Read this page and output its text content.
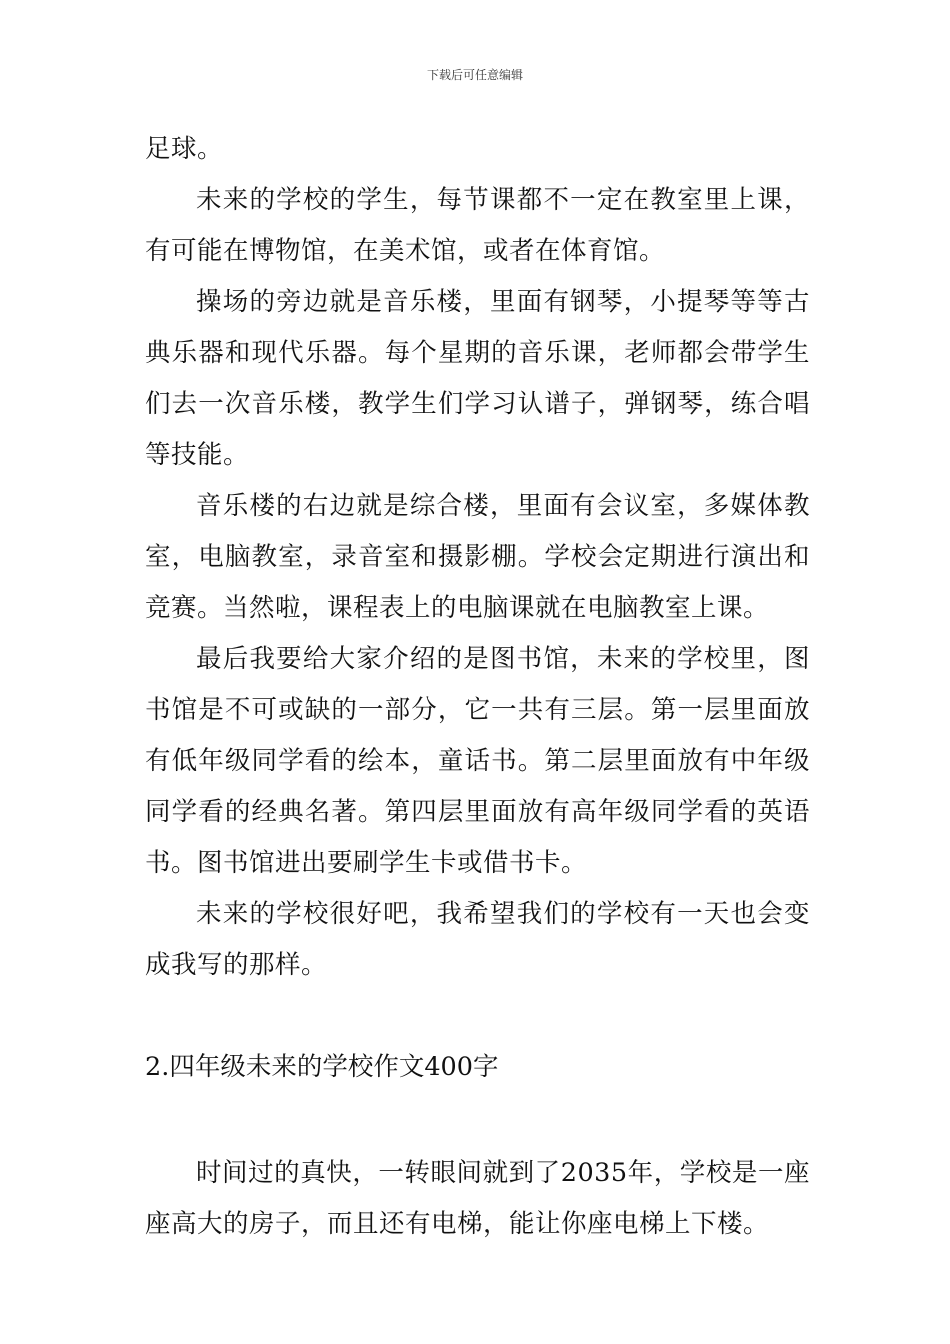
下载后可任意编辑

足球。

未来的学校的学生，每节课都不一定在教室里上课，有可能在博物馆，在美术馆，或者在体育馆。

操场的旁边就是音乐楼，里面有钢琴，小提琴等等古典乐器和现代乐器。每个星期的音乐课，老师都会带学生们去一次音乐楼，教学生们学习认谱子，弹钢琴，练合唱等技能。

音乐楼的右边就是综合楼，里面有会议室，多媒体教室，电脑教室，录音室和摄影棚。学校会定期进行演出和竞赛。当然啦，课程表上的电脑课就在电脑教室上课。

最后我要给大家介绍的是图书馆，未来的学校里，图书馆是不可或缺的一部分，它一共有三层。第一层里面放有低年级同学看的绘本，童话书。第二层里面放有中年级同学看的经典名著。第四层里面放有高年级同学看的英语书。图书馆进出要刷学生卡或借书卡。

未来的学校很好吧，我希望我们的学校有一天也会变成我写的那样。

2.四年级未来的学校作文400字

时间过的真快，一转眼间就到了2035年，学校是一座座高大的房子，而且还有电梯，能让你座电梯上下楼。
